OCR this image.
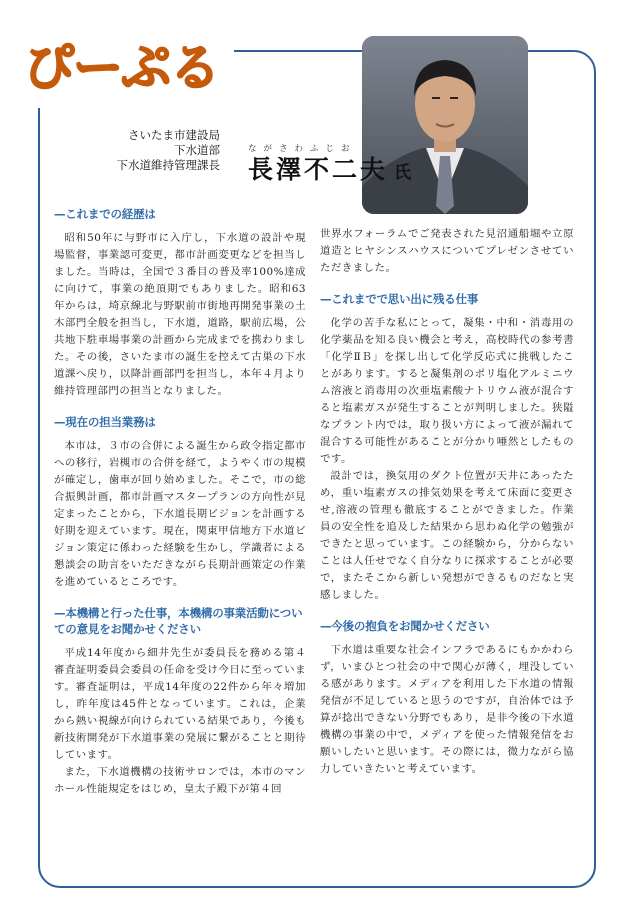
ぴーぷる
さいたま市建設局
下水道部
下水道維持管理課長
ながさわふじお
長澤不二夫 氏
—これまでの経歴は

昭和50年に与野市に入庁し，下水道の設計や現場監督，事業認可変更，都市計画変更などを担当しました。当時は，全国で３番目の普及率100%達成に向けて，事業の絶頂期でもありました。昭和63年からは，埼京線北与野駅前市街地再開発事業の土木部門全般を担当し，下水道，道路，駅前広場，公共地下駐車場事業の計画から完成までを携わりました。その後，さいたま市の誕生を控えて古巣の下水道課へ戻り，以降計画部門を担当し，本年４月より維持管理部門の担当となりました。

—現在の担当業務は

本市は，３市の合併による誕生から政令指定都市への移行，岩槻市の合併を経て，ようやく市の規模が確定し，歯車が回り始めました。そこで，市の総合振興計画，都市計画マスタープランの方向性が見定まったことから，下水道長期ビジョンを計画する好期を迎えています。現在，関東甲信地方下水道ビジョン策定に係わった経験を生かし，学識者による懇談会の助言をいただきながら長期計画策定の作業を進めているところです。

—本機構と行った仕事，本機構の事業活動についての意見をお聞かせください

平成14年度から細井先生が委員長を務める第４審査証明委員会委員の任命を受け今日に至っています。審査証明は，平成14年度の22件から年々増加し，昨年度は45件となっています。これは，企業から熱い視線が向けられている結果であり，今後も新技術開発が下水道事業の発展に繋がることと期待しています。

また，下水道機構の技術サロンでは，本市のマンホール性能規定をはじめ，皇太子殿下が第４回

世界水フォーラムでご発表された見沼通船堀や立原道造とヒヤシンスハウスについてプレゼンさせていただきました。

—これまでで思い出に残る仕事

化学の苦手な私にとって，凝集・中和・消毒用の化学薬品を知る良い機会と考え，高校時代の参考書「化学ⅡＢ」を探し出して化学反応式に挑戦したことがあります。すると凝集剤のポリ塩化アルミニウム溶液と消毒用の次亜塩素酸ナトリウム液が混合すると塩素ガスが発生することが判明しました。狭隘なプラント内では，取り扱い方によって液が漏れて混合する可能性があることが分かり唖然としたものです。

設計では，換気用のダクト位置が天井にあったため，重い塩素ガスの排気効果を考えて床面に変更させ,溶液の管理も徹底することができました。作業員の安全性を追及した結果から思わぬ化学の勉強ができたと思っています。この経験から，分からないことは人任せでなく自分なりに探求することが必要で，またそこから新しい発想ができるものだなと実感しました。

—今後の抱負をお聞かせください

下水道は重要な社会インフラであるにもかかわらず，いまひとつ社会の中で関心が薄く，埋没している感があります。メディアを利用した下水道の情報発信が不足していると思うのですが，自治体では予算が捻出できない分野でもあり，是非今後の下水道機構の事業の中で，メディアを使った情報発信をお願いしたいと思います。その際には，微力ながら協力していきたいと考えています。
